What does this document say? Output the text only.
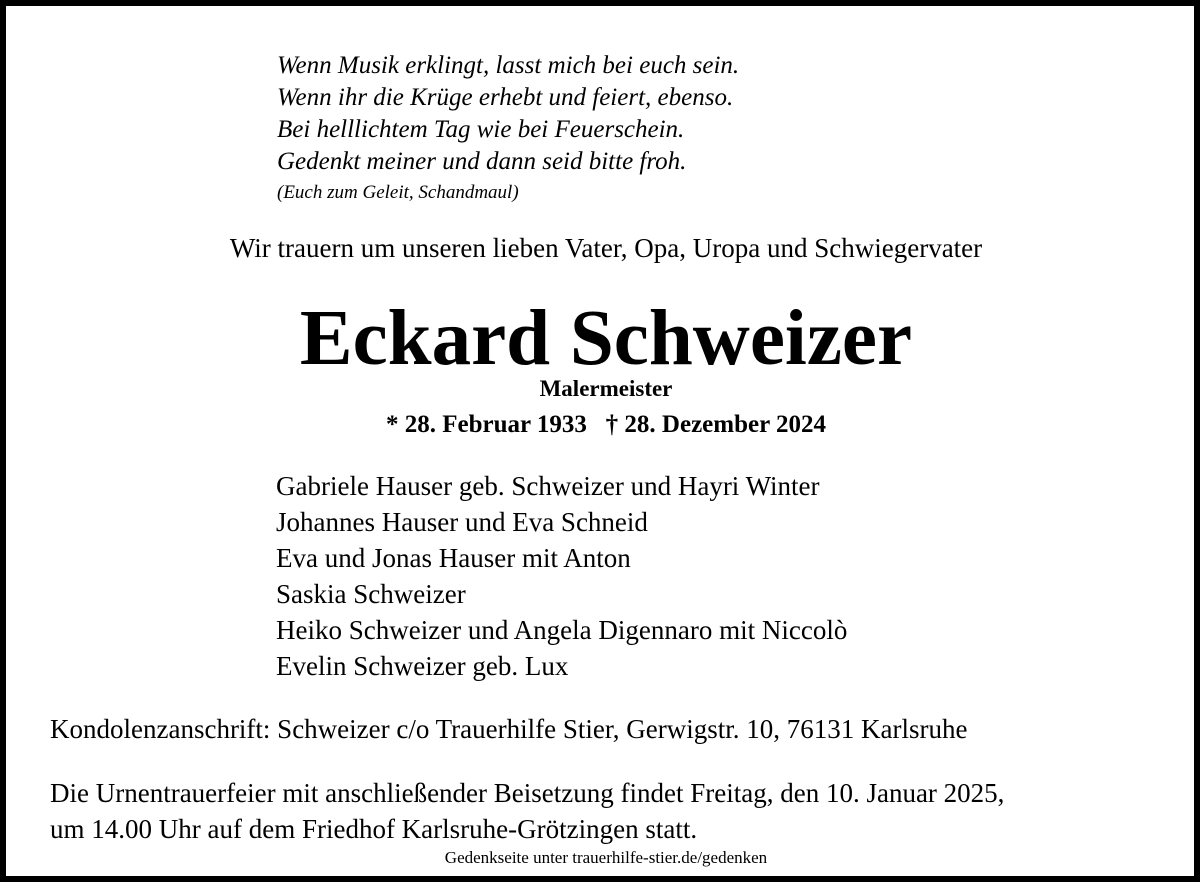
Wenn Musik erklingt, lasst mich bei euch sein.
Wenn ihr die Krüge erhebt und feiert, ebenso.
Bei helllichtem Tag wie bei Feuerschein.
Gedenkt meiner und dann seid bitte froh.
(Euch zum Geleit, Schandmaul)
Wir trauern um unseren lieben Vater, Opa, Uropa und Schwiegervater
Eckard Schweizer
Malermeister
* 28. Februar 1933   † 28. Dezember 2024
Gabriele Hauser geb. Schweizer und Hayri Winter
Johannes Hauser und Eva Schneid
Eva und Jonas Hauser mit Anton
Saskia Schweizer
Heiko Schweizer und Angela Digennaro mit Niccolò
Evelin Schweizer geb. Lux
Kondolenzanschrift: Schweizer c/o Trauerhilfe Stier, Gerwigstr. 10, 76131 Karlsruhe
Die Urnentrauerfeier mit anschließender Beisetzung findet Freitag, den 10. Januar 2025,
um 14.00 Uhr auf dem Friedhof Karlsruhe-Grötzingen statt.
Gedenkseite unter trauerhilfe-stier.de/gedenken
